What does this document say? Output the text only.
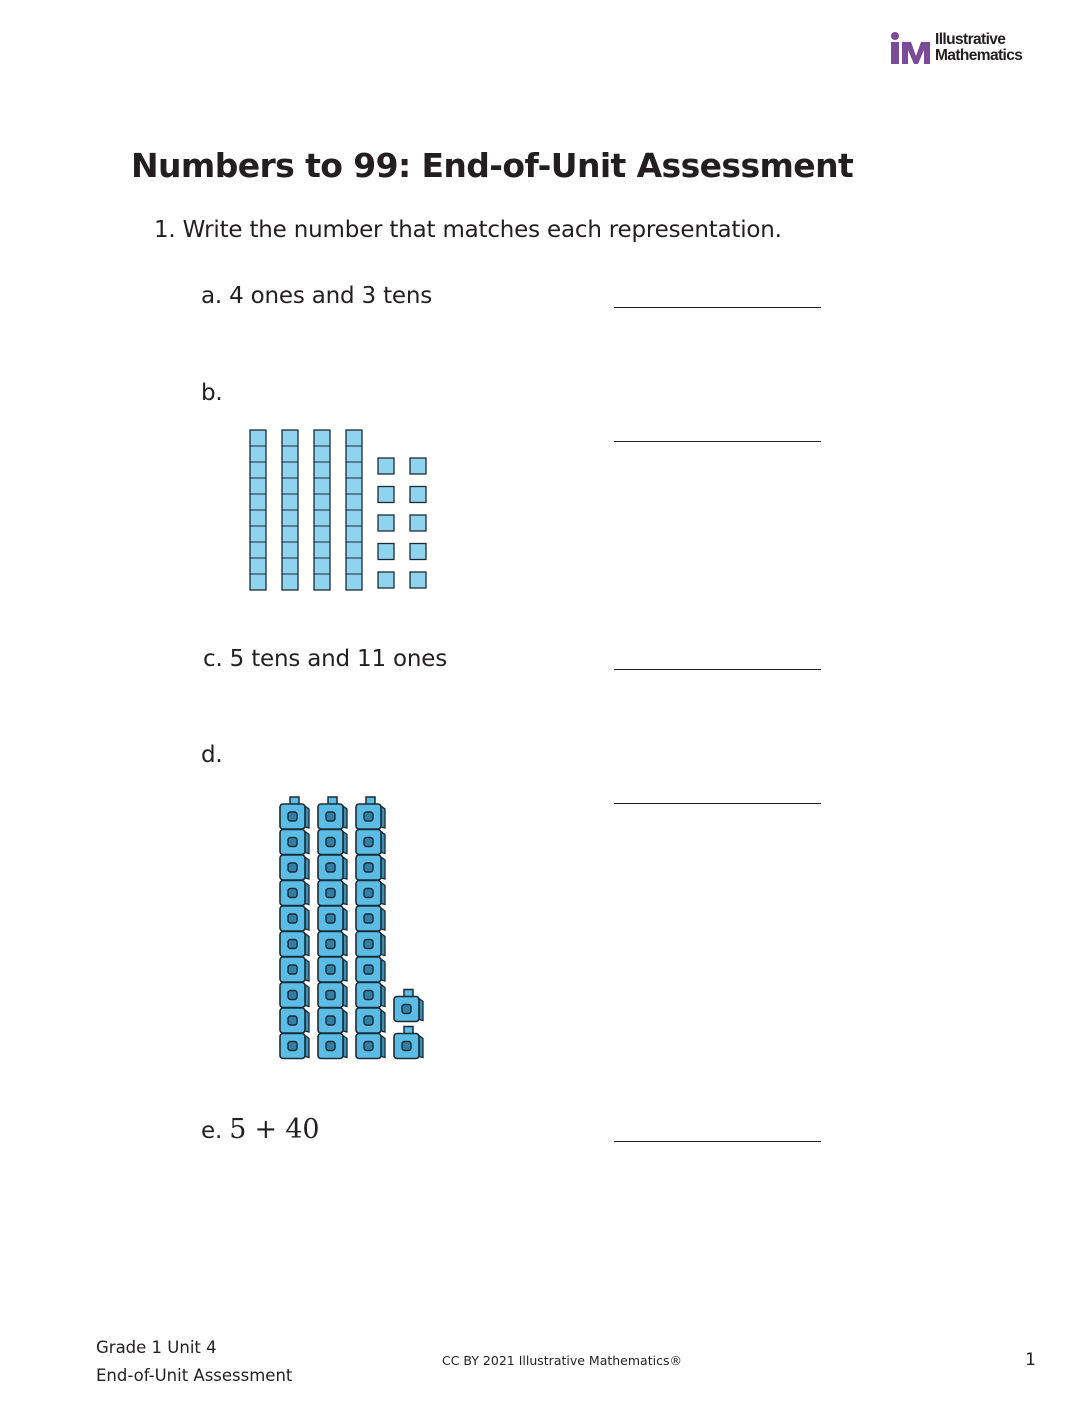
Illustrative
Mathematics
Numbers to 99: End-of-Unit Assessment
1. Write the number that matches each representation.
a. 4 ones and 3 tens
b.
c. 5 tens and 11 ones
d.
e. 5 + 40
Grade 1 Unit 4
End-of-Unit Assessment
CC BY 2021 Illustrative Mathematics®	1
